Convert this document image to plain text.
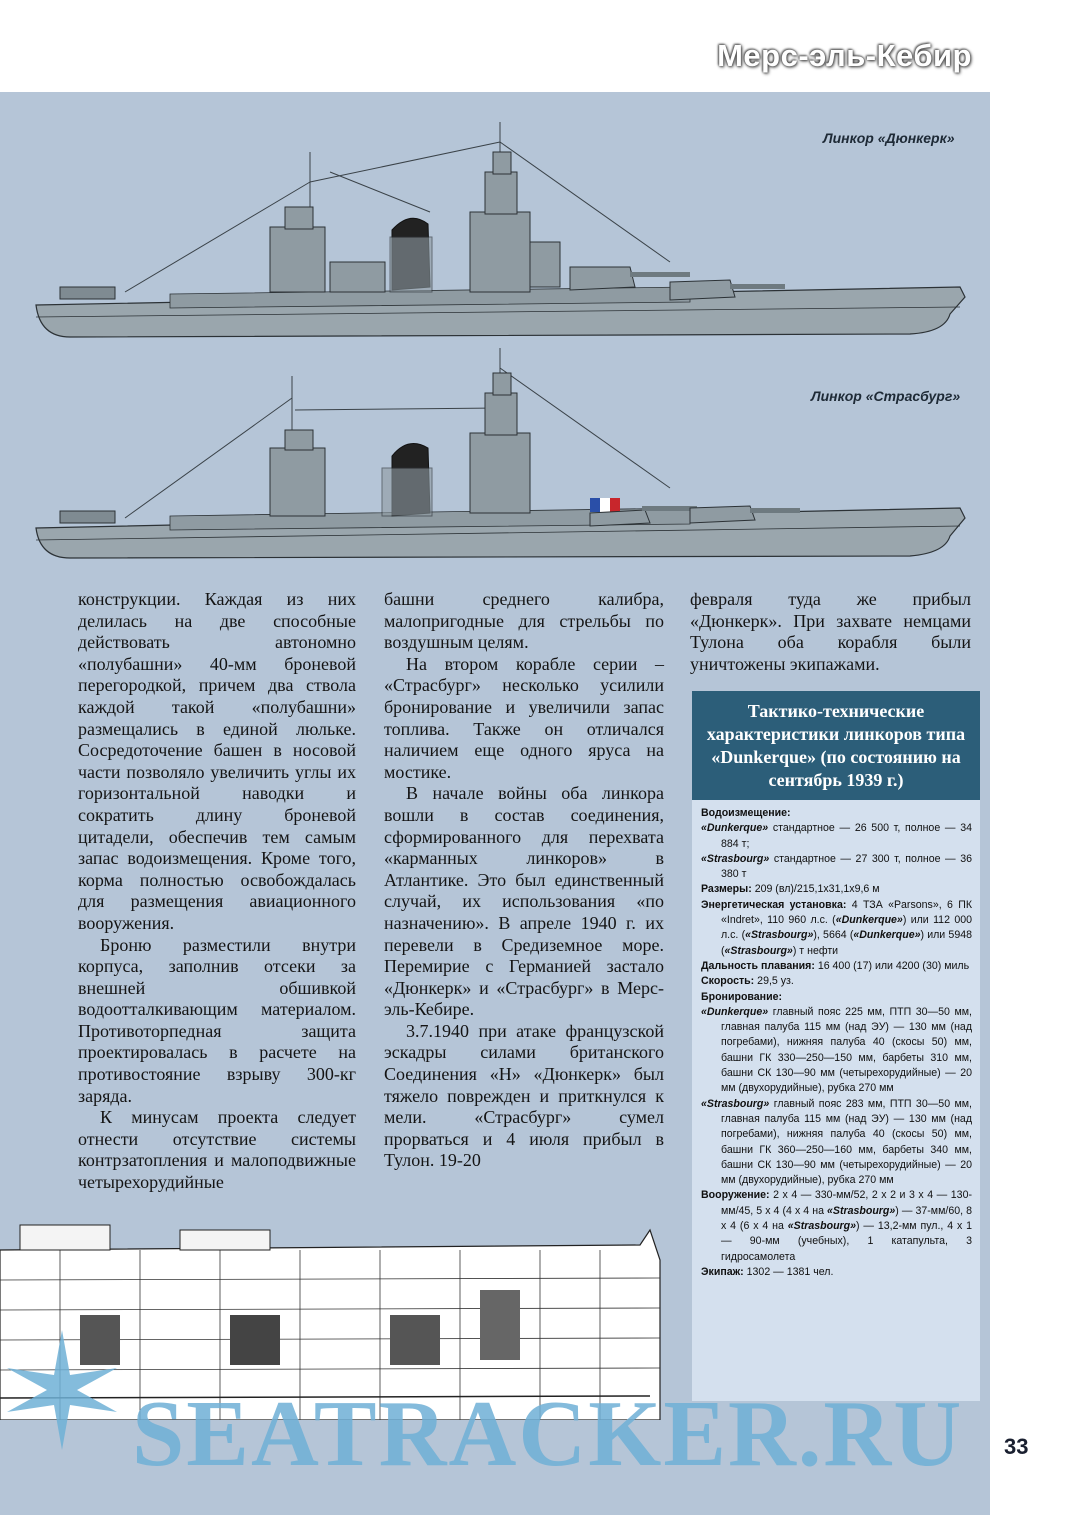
Мерс-эль-Кебир
Линкор «Дюнкерк»
Линкор «Страсбург»

конструкции. Каждая из них делилась на две способные действовать автономно «полубашни» 40-мм броневой перегородкой, причем два ствола каждой такой «полубашни» размещались в единой люльке. Сосредоточение башен в носовой части позволяло увеличить углы их горизонтальной наводки и сократить длину броневой цитадели, обеспечив тем самым запас водоизмещения. Кроме того, корма полностью освобождалась для размещения авиационного вооружения.

Броню разместили внутри корпуса, заполнив отсеки за внешней обшивкой водоотталкивающим материалом. Противоторпедная защита проектировалась в расчете на противостояние взрыву 300-кг заряда.

К минусам проекта следует отнести отсутствие системы контрзатопления и малоподвижные четырехорудийные

башни среднего калибра, малопригодные для стрельбы по воздушным целям.

На втором корабле серии – «Страсбург» несколько усилили бронирование и увеличили запас топлива. Также он отличался наличием еще одного яруса на мостике.

В начале войны оба линкора вошли в состав соединения, сформированного для перехвата «карманных линкоров» в Атлантике. Это был единственный случай, их использования «по назначению». В апреле 1940 г. их перевели в Средиземное море. Перемирие с Германией застало «Дюнкерк» и «Страсбург» в Мерс-эль-Кебире.

3.7.1940 при атаке французской эскадры силами британского Соединения «Н» «Дюнкерк» был тяжело поврежден и приткнулся к мели. «Страсбург» сумел прорваться и 4 июля прибыл в Тулон. 19-20

февраля туда же прибыл «Дюнкерк». При захвате немцами Тулона оба корабля были уничтожены экипажами.

Тактико-технические характеристики линкоров типа «Dunkerque» (по состоянию на сентябрь 1939 г.)
Водоизмещение:
«Dunkerque» стандартное — 26 500 т, полное — 34 884 т;
«Strasbourg» стандартное — 27 300 т, полное — 36 380 т
Размеры: 209 (вл)/215,1x31,1x9,6 м
Энергетическая установка: 4 ТЗА «Parsons», 6 ПК «Indret», 110 960 л.с. («Dunkerque») или 112 000 л.с. («Strasbourg»), 5664 («Dunkerque») или 5948 («Strasbourg») т нефти
Дальность плавания: 16 400 (17) или 4200 (30) миль
Скорость: 29,5 уз.
Бронирование:
«Dunkerque» главный пояс 225 мм, ПТП 30—50 мм, главная палуба 115 мм (над ЭУ) — 130 мм (над погребами), нижняя палуба 40 (скосы 50) мм, башни ГК 330—250—150 мм, барбеты 310 мм, башни СК 130—90 мм (четырехорудийные) — 20 мм (двухорудийные), рубка 270 мм
«Strasbourg» главный пояс 283 мм, ПТП 30—50 мм, главная палуба 115 мм (над ЭУ) — 130 мм (над погребами), нижняя палуба 40 (скосы 50) мм, башни ГК 360—250—160 мм, барбеты 340 мм, башни СК 130—90 мм (четырехорудийные) — 20 мм (двухорудийные), рубка 270 мм
Вооружение: 2 x 4 — 330-мм/52, 2 x 2 и 3 x 4 — 130-мм/45, 5 x 4 (4 x 4 на «Strasbourg») — 37-мм/60, 8 x 4 (6 x 4 на «Strasbourg») — 13,2-мм пул., 4 x 1 — 90-мм (учебных), 1 катапульта, 3 гидросамолета
Экипаж: 1302 — 1381 чел.
SEATRACKER.RU 33
